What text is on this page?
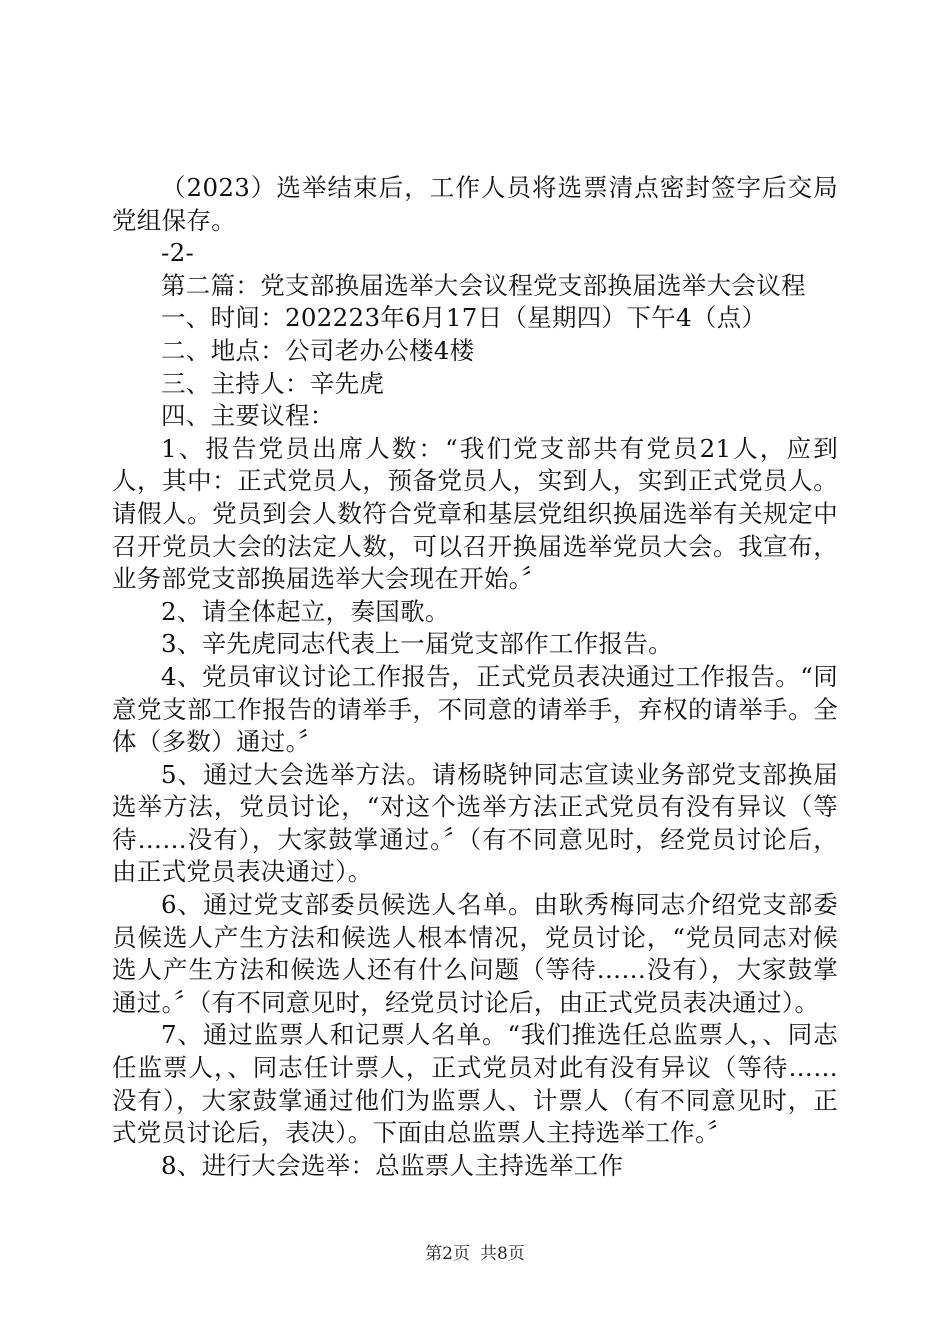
（2023）选举结束后，工作人员将选票清点密封签字后交局党组保存。

-2-

第二篇：党支部换届选举大会议程党支部换届选举大会议程

一、时间：202223年6月17日（星期四）下午4（点）

二、地点：公司老办公楼4楼

三、主持人：辛先虎

四、主要议程：

1、报告党员出席人数：“我们党支部共有党员21人，应到人，其中：正式党员人，预备党员人，实到人，实到正式党员人。请假人。党员到会人数符合党章和基层党组织换届选举有关规定中召开党员大会的法定人数，可以召开换届选举党员大会。我宣布，业务部党支部换届选举大会现在开始。〞

2、请全体起立，奏国歌。

3、辛先虎同志代表上一届党支部作工作报告。

4、党员审议讨论工作报告，正式党员表决通过工作报告。“同意党支部工作报告的请举手，不同意的请举手，弃权的请举手。全体（多数）通过。〞

5、通过大会选举方法。请杨晓钟同志宣读业务部党支部换届选举方法，党员讨论，“对这个选举方法正式党员有没有异议（等待……没有），大家鼓掌通过。〞（有不同意见时，经党员讨论后，由正式党员表决通过）。

6、通过党支部委员候选人名单。由耿秀梅同志介绍党支部委员候选人产生方法和候选人根本情况，党员讨论，“党员同志对候选人产生方法和候选人还有什么问题（等待……没有），大家鼓掌通过。〞（有不同意见时，经党员讨论后，由正式党员表决通过）。

7、通过监票人和记票人名单。“我们推选任总监票人，、同志任监票人，、同志任计票人，正式党员对此有没有异议（等待……没有），大家鼓掌通过他们为监票人、计票人（有不同意见时，正式党员讨论后，表决）。下面由总监票人主持选举工作。〞

8、进行大会选举：总监票人主持选举工作

第2页 共8页
